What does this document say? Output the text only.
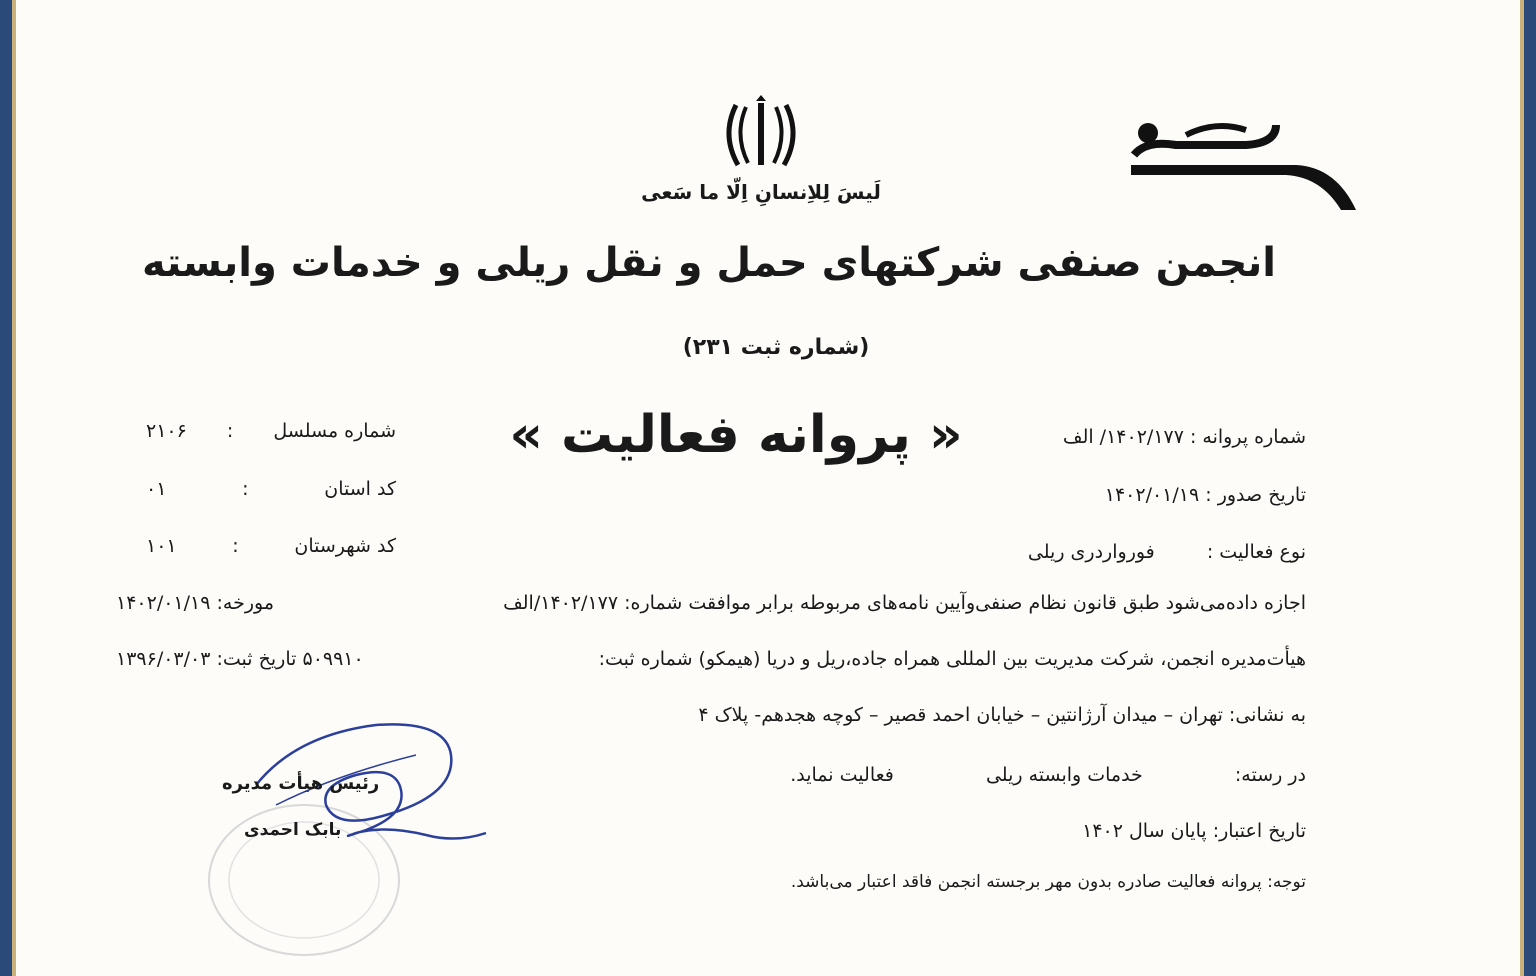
لَیسَ لِلاِنسانِ اِلّا ما سَعی
انجمن صنفی شرکتهای حمل و نقل ریلی و خدمات وابسته
(شماره ثبت ۲۳۱)
« پروانه فعالیت »	شماره پروانه : ۱۴۰۲/۱۷۷/ الف
تاریخ صدور : ۱۴۰۲/۰۱/۱۹
نوع فعالیت :  فورواردری ریلی
شماره مسلسل
:
۲۱۰۶
کد استان
:
۰۱
کد شهرستان
:
۱۰۱
اجازه داده‌می‌شود طبق قانون نظام صنفی‌وآیین نامه‌های مربوطه برابر موافقت شماره: ۱۴۰۲/۱۷۷/الف
مورخه: ۱۴۰۲/۰۱/۱۹
هیأت‌مدیره انجمن، شرکت مدیریت بین المللی همراه جاده،ریل و دریا (هیمکو) شماره ثبت:
۵۰۹۹۱۰ تاریخ ثبت: ۱۳۹۶/۰۳/۰۳
به نشانی: تهران – میدان آرژانتین – خیابان احمد قصیر – کوچه هجدهم- پلاک ۴
در رسته:  خدمات وابسته ریلی  فعالیت نماید.
تاریخ اعتبار: پایان سال ۱۴۰۲
توجه: پروانه فعالیت صادره بدون مهر برجسته انجمن فاقد اعتبار می‌باشد.
رئیس هیأت مدیره
بابک احمدی
